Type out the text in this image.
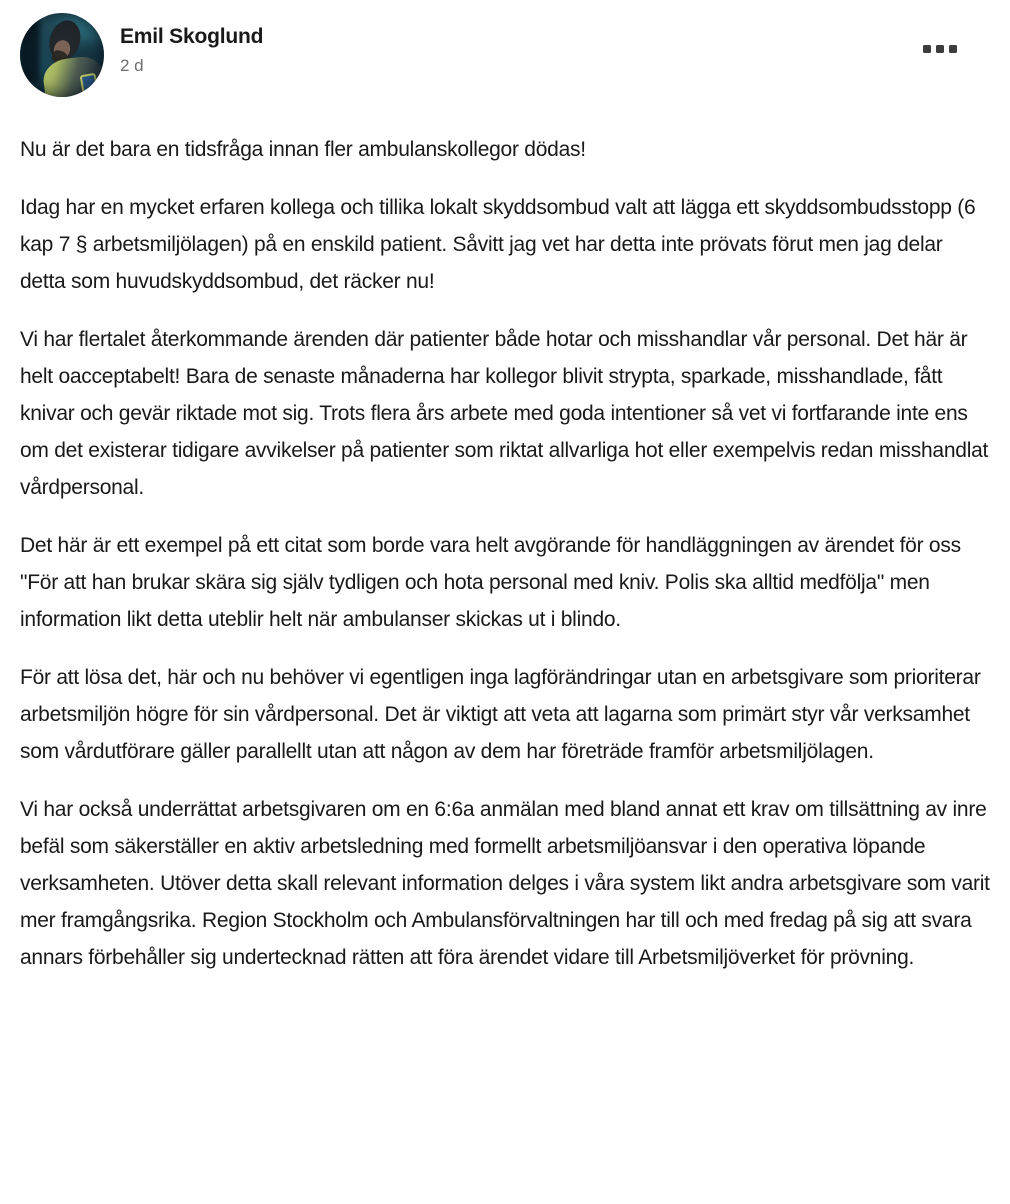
Emil Skoglund
2 d

Nu är det bara en tidsfråga innan fler ambulanskollegor dödas!

Idag har en mycket erfaren kollega och tillika lokalt skyddsombud valt att lägga ett skyddsombudsstopp (6 kap 7 § arbetsmiljölagen) på en enskild patient. Såvitt jag vet har detta inte prövats förut men jag delar detta som huvudskyddsombud, det räcker nu!

Vi har flertalet återkommande ärenden där patienter både hotar och misshandlar vår personal. Det här är helt oacceptabelt! Bara de senaste månaderna har kollegor blivit strypta, sparkade, misshandlade, fått knivar och gevär riktade mot sig. Trots flera års arbete med goda intentioner så vet vi fortfarande inte ens om det existerar tidigare avvikelser på patienter som riktat allvarliga hot eller exempelvis redan misshandlat vårdpersonal.

Det här är ett exempel på ett citat som borde vara helt avgörande för handläggningen av ärendet för oss "För att han brukar skära sig själv tydligen och hota personal med kniv. Polis ska alltid medfölja" men information likt detta uteblir helt när ambulanser skickas ut i blindo.

För att lösa det, här och nu behöver vi egentligen inga lagförändringar utan en arbetsgivare som prioriterar arbetsmiljön högre för sin vårdpersonal. Det är viktigt att veta att lagarna som primärt styr vår verksamhet som vårdutförare gäller parallellt utan att någon av dem har företräde framför arbetsmiljölagen.

Vi har också underrättat arbetsgivaren om en 6:6a anmälan med bland annat ett krav om tillsättning av inre befäl som säkerställer en aktiv arbetsledning med formellt arbetsmiljöansvar i den operativa löpande verksamheten. Utöver detta skall relevant information delges i våra system likt andra arbetsgivare som varit mer framgångsrika. Region Stockholm och Ambulansförvaltningen har till och med fredag på sig att svara annars förbehåller sig undertecknad rätten att föra ärendet vidare till Arbetsmiljöverket för prövning.
